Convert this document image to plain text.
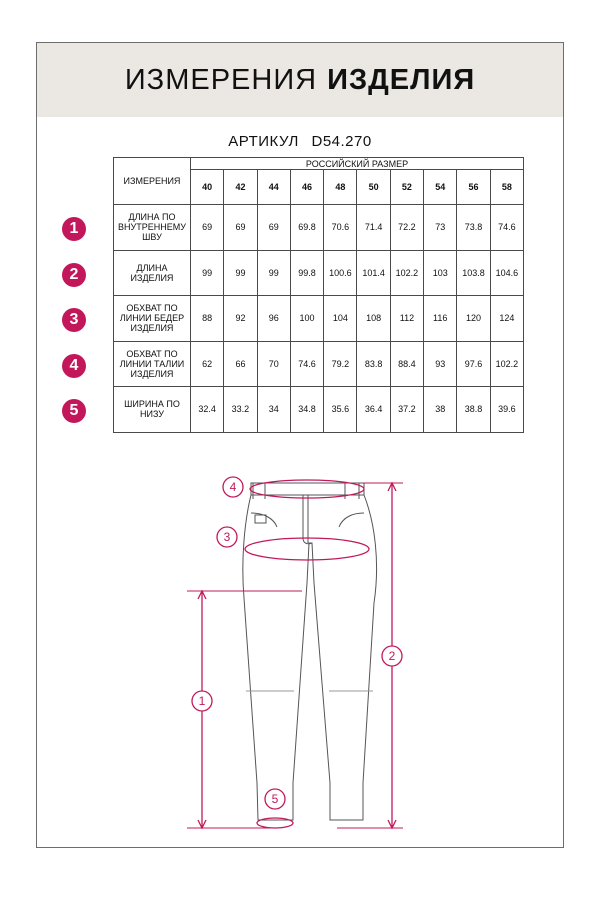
ИЗМЕРЕНИЯ ИЗДЕЛИЯ
АРТИКУЛ D54.270
ИЗМЕРЕНИЯ	РОССИЙСКИЙ РАЗМЕР									
	40	42	44	46	48	50	52	54	56	58
ДЛИНА ПО ВНУТРЕННЕМУ ШВУ	69	69	69	69.8	70.6	71.4	72.2	73	73.8	74.6
ДЛИНА ИЗДЕЛИЯ	99	99	99	99.8	100.6	101.4	102.2	103	103.8	104.6
ОБХВАТ ПО ЛИНИИ БЕДЕР ИЗДЕЛИЯ	88	92	96	100	104	108	112	116	120	124
ОБХВАТ ПО ЛИНИИ ТАЛИИ ИЗДЕЛИЯ	62	66	70	74.6	79.2	83.8	88.4	93	97.6	102.2
ШИРИНА ПО НИЗУ	32.4	33.2	34	34.8	35.6	36.4	37.2	38	38.8	39.6
1
2
3
4
5
4
3
1
2
5
